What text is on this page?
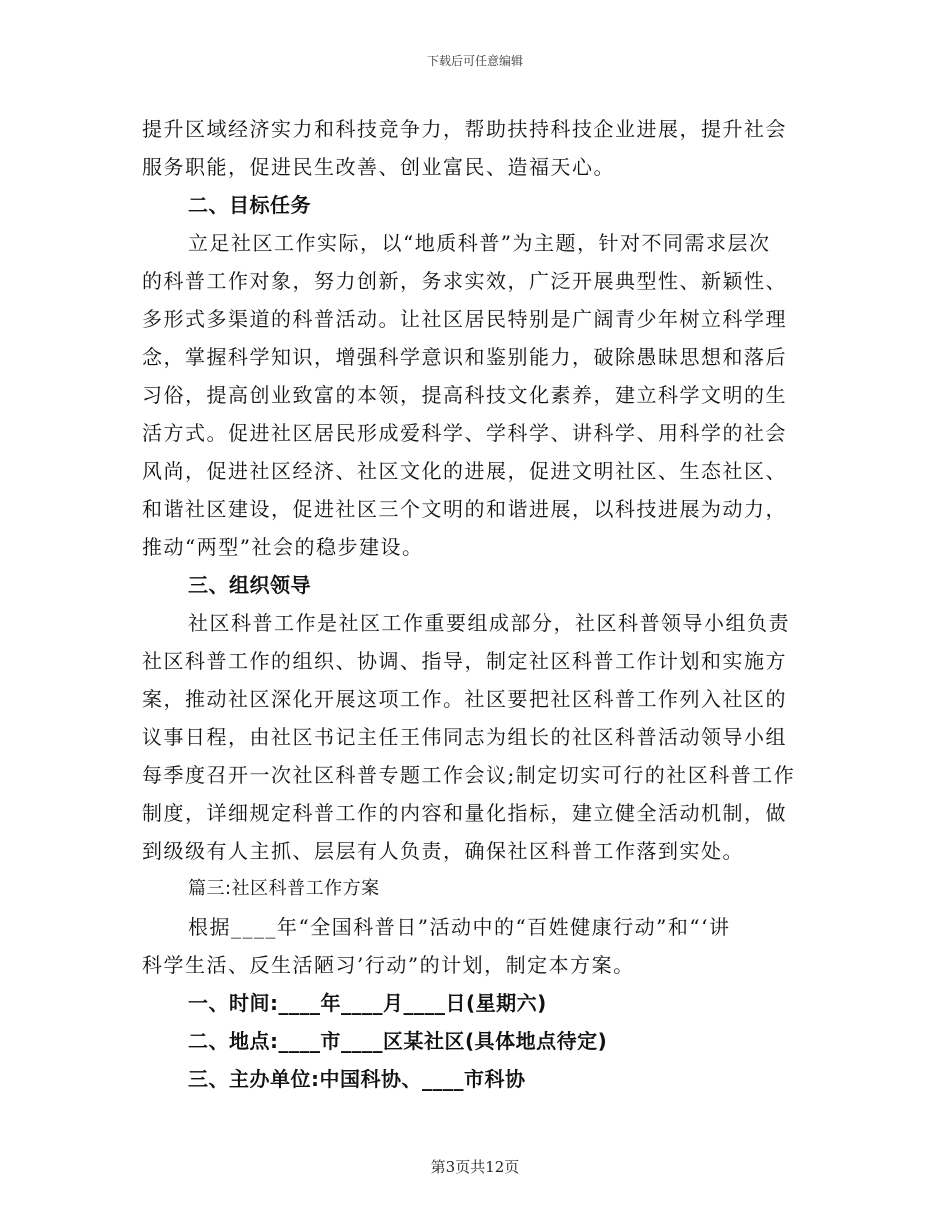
下载后可任意编辑
提升区域经济实力和科技竞争力，帮助扶持科技企业进展，提升社会
服务职能，促进民生改善、创业富民、造福天心。
二、目标任务
立足社区工作实际，以“地质科普”为主题，针对不同需求层次
的科普工作对象，努力创新，务求实效，广泛开展典型性、新颖性、
多形式多渠道的科普活动。让社区居民特别是广阔青少年树立科学理
念，掌握科学知识，增强科学意识和鉴别能力，破除愚昧思想和落后
习俗，提高创业致富的本领，提高科技文化素养，建立科学文明的生
活方式。促进社区居民形成爱科学、学科学、讲科学、用科学的社会
风尚，促进社区经济、社区文化的进展，促进文明社区、生态社区、
和谐社区建设，促进社区三个文明的和谐进展，以科技进展为动力，
推动“两型”社会的稳步建设。
三、组织领导
社区科普工作是社区工作重要组成部分，社区科普领导小组负责
社区科普工作的组织、协调、指导，制定社区科普工作计划和实施方
案，推动社区深化开展这项工作。社区要把社区科普工作列入社区的
议事日程，由社区书记主任王伟同志为组长的社区科普活动领导小组
每季度召开一次社区科普专题工作会议;制定切实可行的社区科普工作
制度，详细规定科普工作的内容和量化指标，建立健全活动机制，做
到级级有人主抓、层层有人负责，确保社区科普工作落到实处。
篇三:社区科普工作方案
根据____年“全国科普日”活动中的“百姓健康行动”和“‘讲
科学生活、反生活陋习’行动”的计划，制定本方案。
一、时间:____年____月____日(星期六)
二、地点:____市____区某社区(具体地点待定)
三、主办单位:中国科协、____市科协
第3页共12页
